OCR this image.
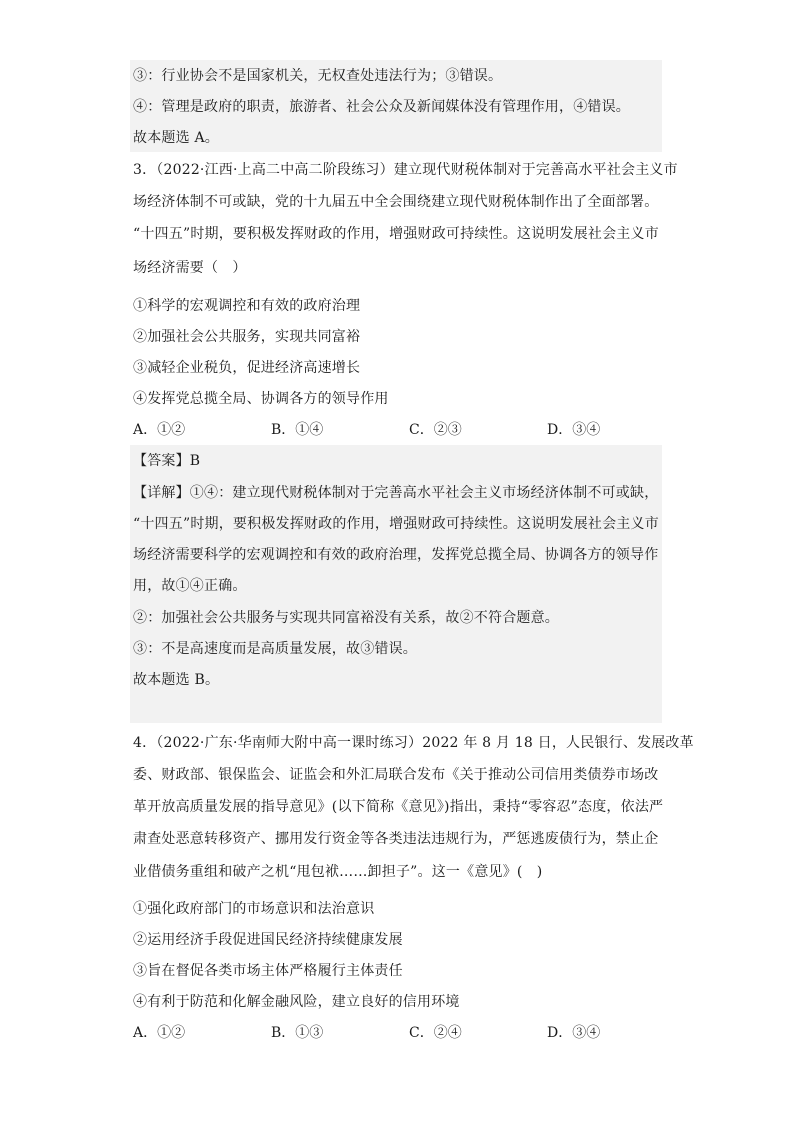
③：行业协会不是国家机关，无权查处违法行为；③错误。
④：管理是政府的职责，旅游者、社会公众及新闻媒体没有管理作用，④错误。
故本题选 A。
3．（2022·江西·上高二中高二阶段练习）建立现代财税体制对于完善高水平社会主义市
场经济体制不可或缺，党的十九届五中全会围绕建立现代财税体制作出了全面部署。
“十四五”时期，要积极发挥财政的作用，增强财政可持续性。这说明发展社会主义市
场经济需要（　）
①科学的宏观调控和有效的政府治理
②加强社会公共服务，实现共同富裕
③减轻企业税负，促进经济高速增长
④发挥党总揽全局、协调各方的领导作用
A．①②	B．①④	C．②③	D．③④
【答案】B
【详解】①④：建立现代财税体制对于完善高水平社会主义市场经济体制不可或缺，
“十四五”时期，要积极发挥财政的作用，增强财政可持续性。这说明发展社会主义市
场经济需要科学的宏观调控和有效的政府治理，发挥党总揽全局、协调各方的领导作
用，故①④正确。
②：加强社会公共服务与实现共同富裕没有关系，故②不符合题意。
③：不是高速度而是高质量发展，故③错误。
故本题选 B。
4．（2022·广东·华南师大附中高一课时练习）2022 年 8 月 18 日，人民银行、发展改革
委、财政部、银保监会、证监会和外汇局联合发布《关于推动公司信用类债券市场改
革开放高质量发展的指导意见》(以下简称《意见》)指出，秉持“零容忍”态度，依法严
肃查处恶意转移资产、挪用发行资金等各类违法违规行为，严惩逃废债行为，禁止企
业借债务重组和破产之机“甩包袱……卸担子”。这一《意见》(　)
①强化政府部门的市场意识和法治意识
②运用经济手段促进国民经济持续健康发展
③旨在督促各类市场主体严格履行主体责任
④有利于防范和化解金融风险，建立良好的信用环境
A．①②	B．①③	C．②④	D．③④
